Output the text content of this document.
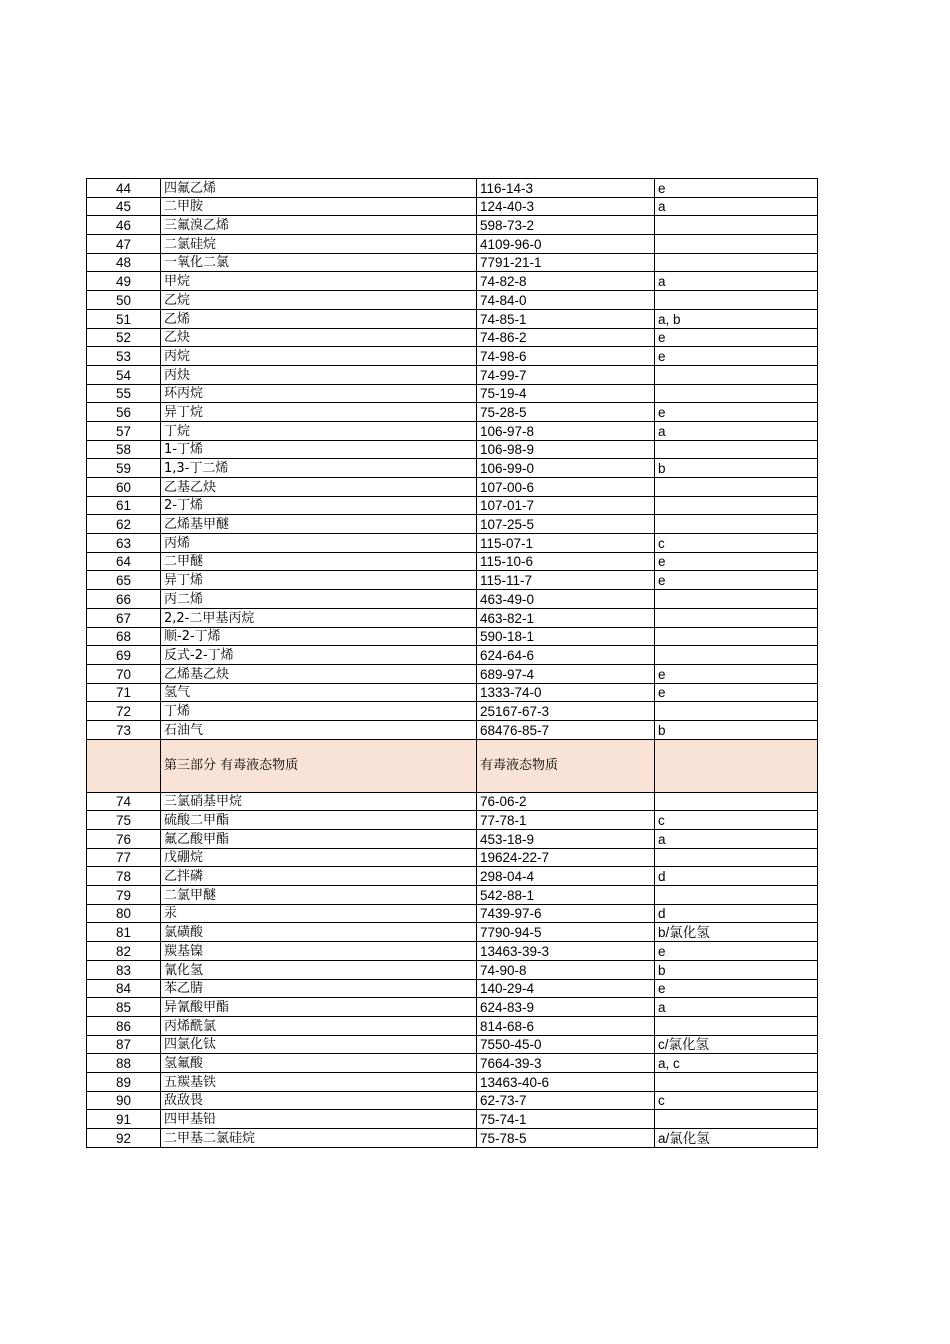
44	四氟乙烯	116-14-3	e
45	二甲胺	124-40-3	a
46	三氟溴乙烯	598-73-2	
47	二氯硅烷	4109-96-0	
48	一氧化二氯	7791-21-1	
49	甲烷	74-82-8	a
50	乙烷	74-84-0	
51	乙烯	74-85-1	a, b
52	乙炔	74-86-2	e
53	丙烷	74-98-6	e
54	丙炔	74-99-7	
55	环丙烷	75-19-4	
56	异丁烷	75-28-5	e
57	丁烷	106-97-8	a
58	1-丁烯	106-98-9	
59	1,3-丁二烯	106-99-0	b
60	乙基乙炔	107-00-6	
61	2-丁烯	107-01-7	
62	乙烯基甲醚	107-25-5	
63	丙烯	115-07-1	c
64	二甲醚	115-10-6	e
65	异丁烯	115-11-7	e
66	丙二烯	463-49-0	
67	2,2-二甲基丙烷	463-82-1	
68	顺-2-丁烯	590-18-1	
69	反式-2-丁烯	624-64-6	
70	乙烯基乙炔	689-97-4	e
71	氢气	1333-74-0	e
72	丁烯	25167-67-3	
73	石油气	68476-85-7	b
	第三部分 有毒液态物质	有毒液态物质	
74	三氯硝基甲烷	76-06-2	
75	硫酸二甲酯	77-78-1	c
76	氟乙酸甲酯	453-18-9	a
77	戊硼烷	19624-22-7	
78	乙拌磷	298-04-4	d
79	二氯甲醚	542-88-1	
80	汞	7439-97-6	d
81	氯磺酸	7790-94-5	b/氯化氢
82	羰基镍	13463-39-3	e
83	氰化氢	74-90-8	b
84	苯乙腈	140-29-4	e
85	异氰酸甲酯	624-83-9	a
86	丙烯酰氯	814-68-6	
87	四氯化钛	7550-45-0	c/氯化氢
88	氢氟酸	7664-39-3	a, c
89	五羰基铁	13463-40-6	
90	敌敌畏	62-73-7	c
91	四甲基铅	75-74-1	
92	二甲基二氯硅烷	75-78-5	a/氯化氢
